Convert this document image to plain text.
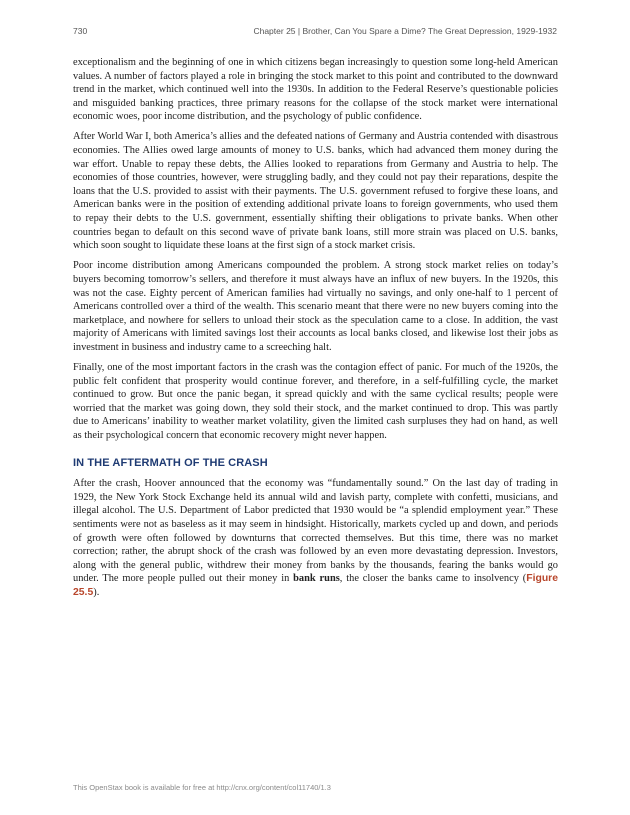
730	Chapter 25 | Brother, Can You Spare a Dime? The Great Depression, 1929-1932

exceptionalism and the beginning of one in which citizens began increasingly to question some long-held American values. A number of factors played a role in bringing the stock market to this point and contributed to the downward trend in the market, which continued well into the 1930s. In addition to the Federal Reserve’s questionable policies and misguided banking practices, three primary reasons for the collapse of the stock market were international economic woes, poor income distribution, and the psychology of public confidence.

After World War I, both America’s allies and the defeated nations of Germany and Austria contended with disastrous economies. The Allies owed large amounts of money to U.S. banks, which had advanced them money during the war effort. Unable to repay these debts, the Allies looked to reparations from Germany and Austria to help. The economies of those countries, however, were struggling badly, and they could not pay their reparations, despite the loans that the U.S. provided to assist with their payments. The U.S. government refused to forgive these loans, and American banks were in the position of extending additional private loans to foreign governments, who used them to repay their debts to the U.S. government, essentially shifting their obligations to private banks. When other countries began to default on this second wave of private bank loans, still more strain was placed on U.S. banks, which soon sought to liquidate these loans at the first sign of a stock market crisis.

Poor income distribution among Americans compounded the problem. A strong stock market relies on today’s buyers becoming tomorrow’s sellers, and therefore it must always have an influx of new buyers. In the 1920s, this was not the case. Eighty percent of American families had virtually no savings, and only one-half to 1 percent of Americans controlled over a third of the wealth. This scenario meant that there were no new buyers coming into the marketplace, and nowhere for sellers to unload their stock as the speculation came to a close. In addition, the vast majority of Americans with limited savings lost their accounts as local banks closed, and likewise lost their jobs as investment in business and industry came to a screeching halt.

Finally, one of the most important factors in the crash was the contagion effect of panic. For much of the 1920s, the public felt confident that prosperity would continue forever, and therefore, in a self-fulfilling cycle, the market continued to grow. But once the panic began, it spread quickly and with the same cyclical results; people were worried that the market was going down, they sold their stock, and the market continued to drop. This was partly due to Americans’ inability to weather market volatility, given the limited cash surpluses they had on hand, as well as their psychological concern that economic recovery might never happen.

IN THE AFTERMATH OF THE CRASH

After the crash, Hoover announced that the economy was “fundamentally sound.” On the last day of trading in 1929, the New York Stock Exchange held its annual wild and lavish party, complete with confetti, musicians, and illegal alcohol. The U.S. Department of Labor predicted that 1930 would be “a splendid employment year.” These sentiments were not as baseless as it may seem in hindsight. Historically, markets cycled up and down, and periods of growth were often followed by downturns that corrected themselves. But this time, there was no market correction; rather, the abrupt shock of the crash was followed by an even more devastating depression. Investors, along with the general public, withdrew their money from banks by the thousands, fearing the banks would go under. The more people pulled out their money in bank runs, the closer the banks came to insolvency (Figure 25.5).

This OpenStax book is available for free at http://cnx.org/content/col11740/1.3
